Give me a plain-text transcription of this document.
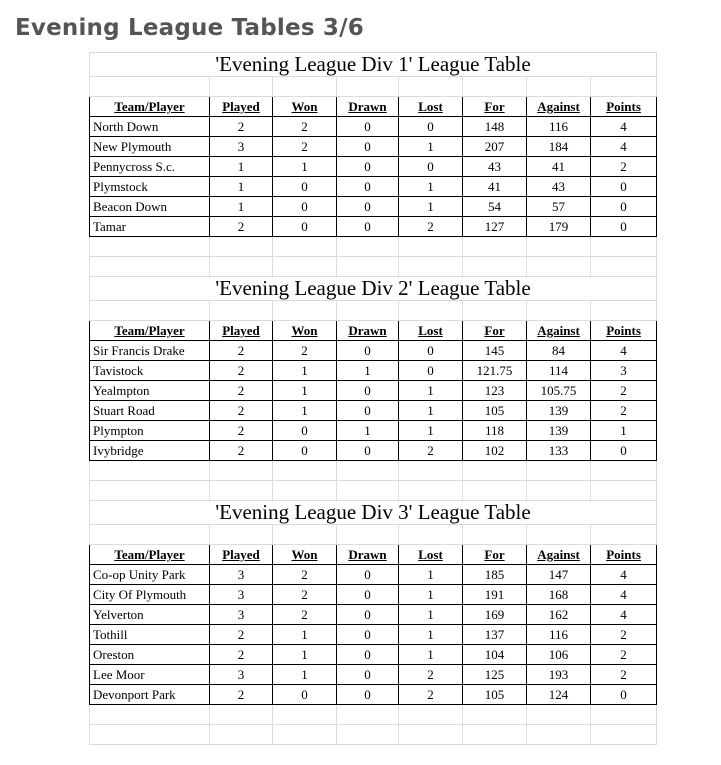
Evening League Tables 3/6
'Evening League Div 1' League Table							

Team/Player	Played	Won	Drawn	Lost	For	Against	Points
North Down	2	2	0	0	148	116	4
New Plymouth	3	2	0	1	207	184	4
Pennycross S.c.	1	1	0	0	43	41	2
Plymstock	1	0	0	1	41	43	0
Beacon Down	1	0	0	1	54	57	0
Tamar	2	0	0	2	127	179	0

'Evening League Div 2' League Table							

Team/Player	Played	Won	Drawn	Lost	For	Against	Points
Sir Francis Drake	2	2	0	0	145	84	4
Tavistock	2	1	1	0	121.75	114	3
Yealmpton	2	1	0	1	123	105.75	2
Stuart Road	2	1	0	1	105	139	2
Plympton	2	0	1	1	118	139	1
Ivybridge	2	0	0	2	102	133	0

'Evening League Div 3' League Table							

Team/Player	Played	Won	Drawn	Lost	For	Against	Points
Co-op Unity Park	3	2	0	1	185	147	4
City Of Plymouth	3	2	0	1	191	168	4
Yelverton	3	2	0	1	169	162	4
Tothill	2	1	0	1	137	116	2
Oreston	2	1	0	1	104	106	2
Lee Moor	3	1	0	2	125	193	2
Devonport Park	2	0	0	2	105	124	0
